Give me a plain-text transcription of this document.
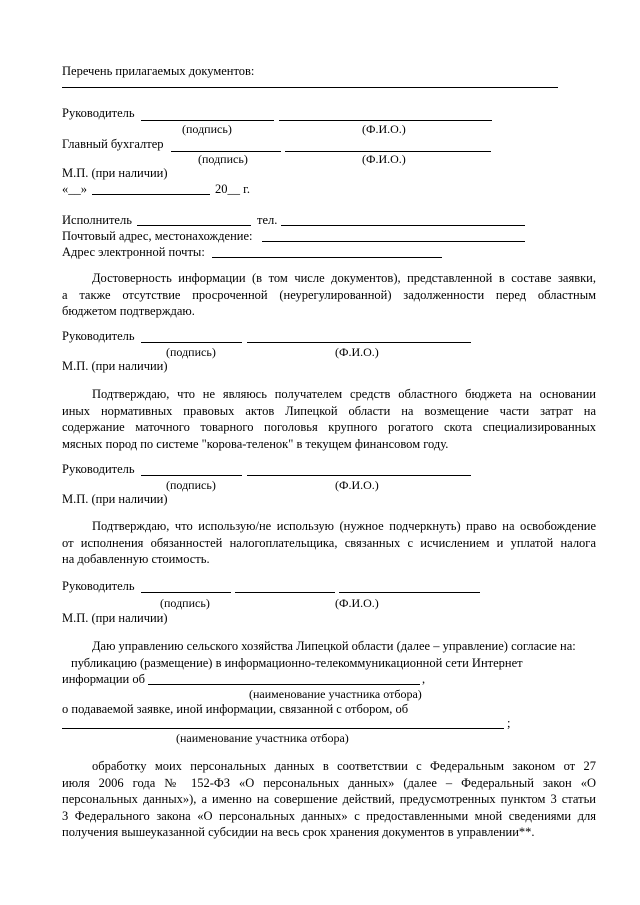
Перечень прилагаемых документов:
Руководитель
(подпись)	(Ф.И.О.)
Главный бухгалтер
(подпись)	(Ф.И.О.)
М.П. (при наличии)
«__»	20__ г.
Исполнитель	тел.
Почтовый адрес, местонахождение:
Адрес электронной почты:
Достоверность информации (в том числе документов), представленной в составе заявки,
а также отсутствие просроченной (неурегулированной) задолженности перед областным
бюджетом подтверждаю.
Руководитель
(подпись)	(Ф.И.О.)
М.П. (при наличии)
Подтверждаю, что не являюсь получателем средств областного бюджета на основании
иных нормативных правовых актов Липецкой области на возмещение части затрат на
содержание маточного товарного поголовья крупного рогатого скота специализированных
мясных пород по системе "корова-теленок" в текущем финансовом году.
Руководитель
(подпись)	(Ф.И.О.)
М.П. (при наличии)
Подтверждаю, что использую/не использую (нужное подчеркнуть) право на освобождение
от исполнения обязанностей налогоплательщика, связанных с исчислением и уплатой налога
на добавленную стоимость.
Руководитель
(подпись)	(Ф.И.О.)
М.П. (при наличии)
Даю управлению сельского хозяйства Липецкой области (далее – управление) согласие на:
публикацию (размещение) в информационно-телекоммуникационной сети Интернет
информации об	,
(наименование участника отбора)
о подаваемой заявке, иной информации, связанной с отбором, об
;
(наименование участника отбора)
обработку моих персональных данных в соответствии с Федеральным законом от 27
июля 2006 года № 152-ФЗ «О персональных данных» (далее – Федеральный закон «О
персональных данных»), а именно на совершение действий, предусмотренных пунктом 3 статьи
3 Федерального закона «О персональных данных» с предоставленными мной сведениями для
получения вышеуказанной субсидии на весь срок хранения документов в управлении**.
